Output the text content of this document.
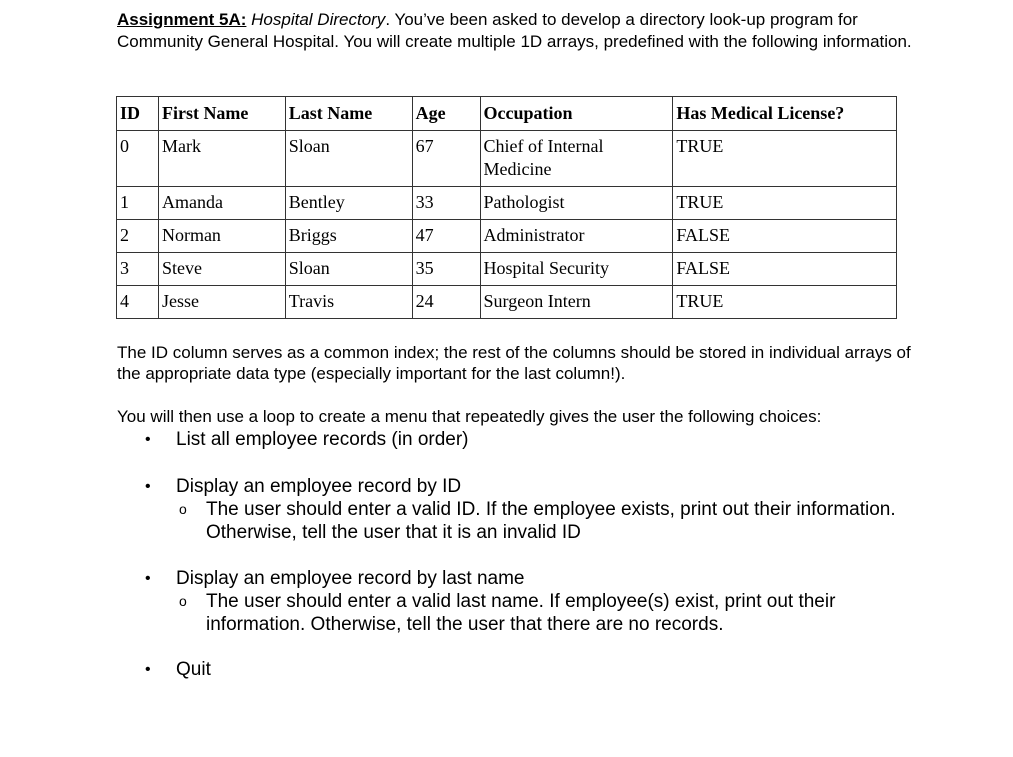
Assignment 5A: Hospital Directory. You’ve been asked to develop a directory look-up program for Community General Hospital. You will create multiple 1D arrays, predefined with the following information.
ID	First Name	Last Name	Age	Occupation	Has Medical License?
0	Mark	Sloan	67	Chief of Internal Medicine	TRUE
1	Amanda	Bentley	33	Pathologist	TRUE
2	Norman	Briggs	47	Administrator	FALSE
3	Steve	Sloan	35	Hospital Security	FALSE
4	Jesse	Travis	24	Surgeon Intern	TRUE
The ID column serves as a common index; the rest of the columns should be stored in individual arrays of the appropriate data type (especially important for the last column!).
You will then use a loop to create a menu that repeatedly gives the user the following choices:
• List all employee records (in order)
• Display an employee record by ID
o The user should enter a valid ID. If the employee exists, print out their information. Otherwise, tell the user that it is an invalid ID
• Display an employee record by last name
o The user should enter a valid last name. If employee(s) exist, print out their information. Otherwise, tell the user that there are no records.
• Quit
